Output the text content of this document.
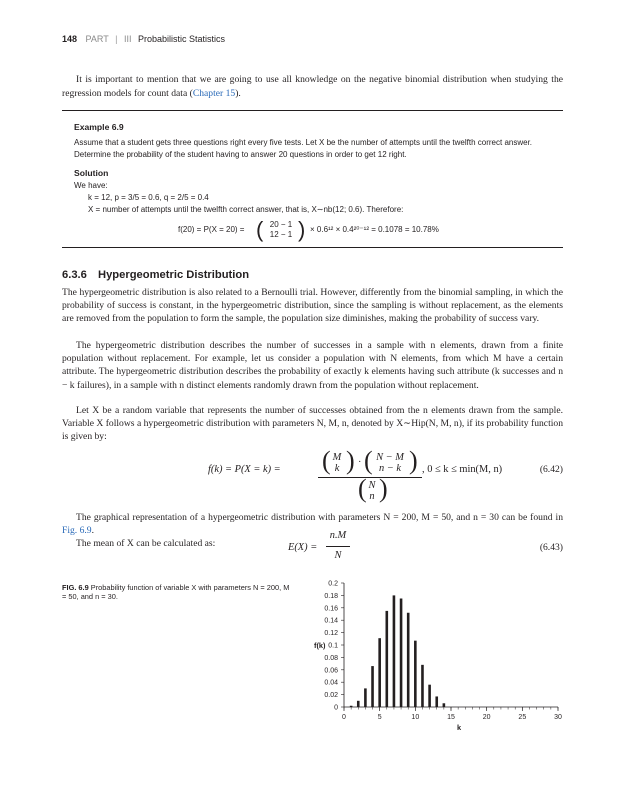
148 PART | III Probabilistic Statistics
It is important to mention that we are going to use all knowledge on the negative binomial distribution when studying the regression models for count data (Chapter 15).
Example 6.9
Assume that a student gets three questions right every five tests. Let X be the number of attempts until the twelfth correct answer. Determine the probability of the student having to answer 20 questions in order to get 12 right.
Solution
We have:
k = 12, p = 3/5 = 0.6, q = 2/5 = 0.4
X = number of attempts until the twelfth correct answer, that is, X∼nb(12; 0.6). Therefore:
f(20) = P(X = 20) = ( 20 − 1
12 − 1 ) × 0.6¹² × 0.4²⁰⁻¹² = 0.1078 = 10.78%
6.3.6 Hypergeometric Distribution
The hypergeometric distribution is also related to a Bernoulli trial. However, differently from the binomial sampling, in which the probability of success is constant, in the hypergeometric distribution, since the sampling is without replacement, as the elements are removed from the population to form the sample, the population size diminishes, making the probability of success vary.
The hypergeometric distribution describes the number of successes in a sample with n elements, drawn from a finite population without replacement. For example, let us consider a population with N elements, from which M have a certain attribute. The hypergeometric distribution describes the probability of exactly k elements having such attribute (k successes and n − k failures), in a sample with n distinct elements randomly drawn from the population without replacement.
Let X be a random variable that represents the number of successes obtained from the n elements drawn from the sample. Variable X follows a hypergeometric distribution with parameters N, M, n, denoted by X∼Hip(N, M, n), if its probability function is given by:
f(k) = P(X = k) = ( M
k ) · ( N − M
n − k )
( N
n )
, 0 ≤ k ≤ min(M, n)	(6.42)
The graphical representation of a hypergeometric distribution with parameters N = 200, M = 50, and n = 30 can be found in Fig. 6.9.
The mean of X can be calculated as:	E(X) =
n.M
N
(6.43)
FIG. 6.9 Probability function of variable X with parameters N = 200, M = 50, and n = 30.
0
0.02
0.04
0.06
0.08
0.1
0.12
0.14
0.16
0.18
0.2
0	5	10	15	20	25	30
f(k)
k
